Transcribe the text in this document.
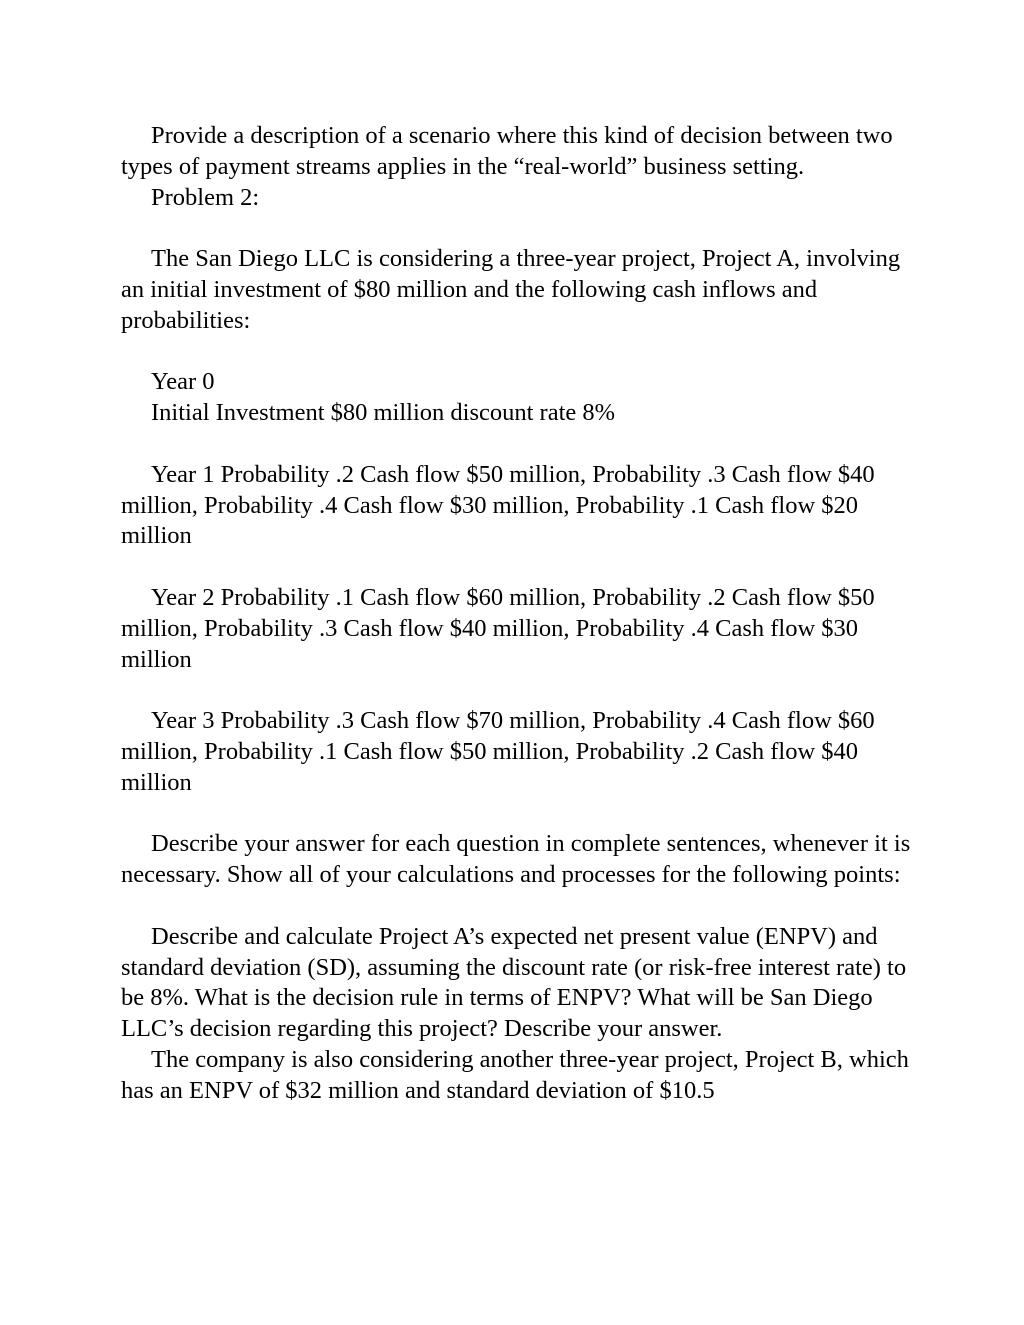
Provide a description of a scenario where this kind of decision between two types of payment streams applies in the “real-world” business setting.

Problem 2:

The San Diego LLC is considering a three-year project, Project A, involving an initial investment of $80 million and the following cash inflows and probabilities:

Year 0

Initial Investment $80 million discount rate 8%

Year 1 Probability .2 Cash flow $50 million, Probability .3 Cash flow $40 million, Probability .4 Cash flow $30 million, Probability .1 Cash flow $20 million

Year 2 Probability .1 Cash flow $60 million, Probability .2 Cash flow $50 million, Probability .3 Cash flow $40 million, Probability .4 Cash flow $30 million

Year 3 Probability .3 Cash flow $70 million, Probability .4 Cash flow $60 million, Probability .1 Cash flow $50 million, Probability .2 Cash flow $40 million

Describe your answer for each question in complete sentences, whenever it is necessary. Show all of your calculations and processes for the following points:

Describe and calculate Project A’s expected net present value (ENPV) and standard deviation (SD), assuming the discount rate (or risk-free interest rate) to be 8%. What is the decision rule in terms of ENPV? What will be San Diego LLC’s decision regarding this project? Describe your answer.

The company is also considering another three-year project, Project B, which has an ENPV of $32 million and standard deviation of $10.5
